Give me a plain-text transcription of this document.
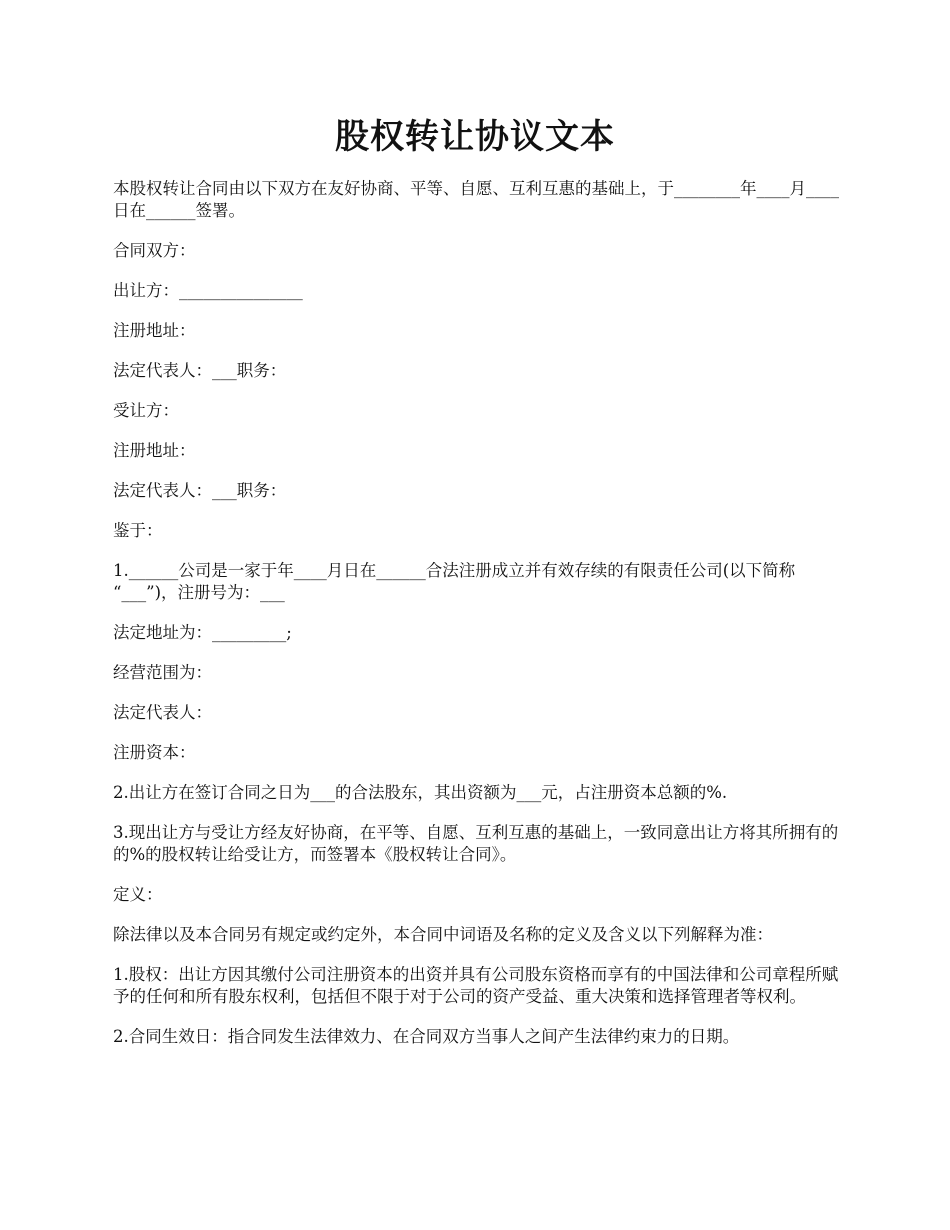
股权转让协议文本

本股权转让合同由以下双方在友好协商、平等、自愿、互利互惠的基础上，于________年____月____日在______签署。

合同双方：

出让方：_______________

注册地址：

法定代表人：___职务：

受让方：

注册地址：

法定代表人：___职务：

鉴于：

1.______公司是一家于年____月日在______合法注册成立并有效存续的有限责任公司(以下简称 “___”)，注册号为：___

法定地址为：_________;

经营范围为：

法定代表人：

注册资本：

2.出让方在签订合同之日为___的合法股东，其出资额为___元，占注册资本总额的%.

3.现出让方与受让方经友好协商，在平等、自愿、互利互惠的基础上，一致同意出让方将其所拥有的的%的股权转让给受让方，而签署本《股权转让合同》。

定义：

除法律以及本合同另有规定或约定外，本合同中词语及名称的定义及含义以下列解释为准：

1.股权：出让方因其缴付公司注册资本的出资并具有公司股东资格而享有的中国法律和公司章程所赋予的任何和所有股东权利，包括但不限于对于公司的资产受益、重大决策和选择管理者等权利。

2.合同生效日：指合同发生法律效力、在合同双方当事人之间产生法律约束力的日期。
